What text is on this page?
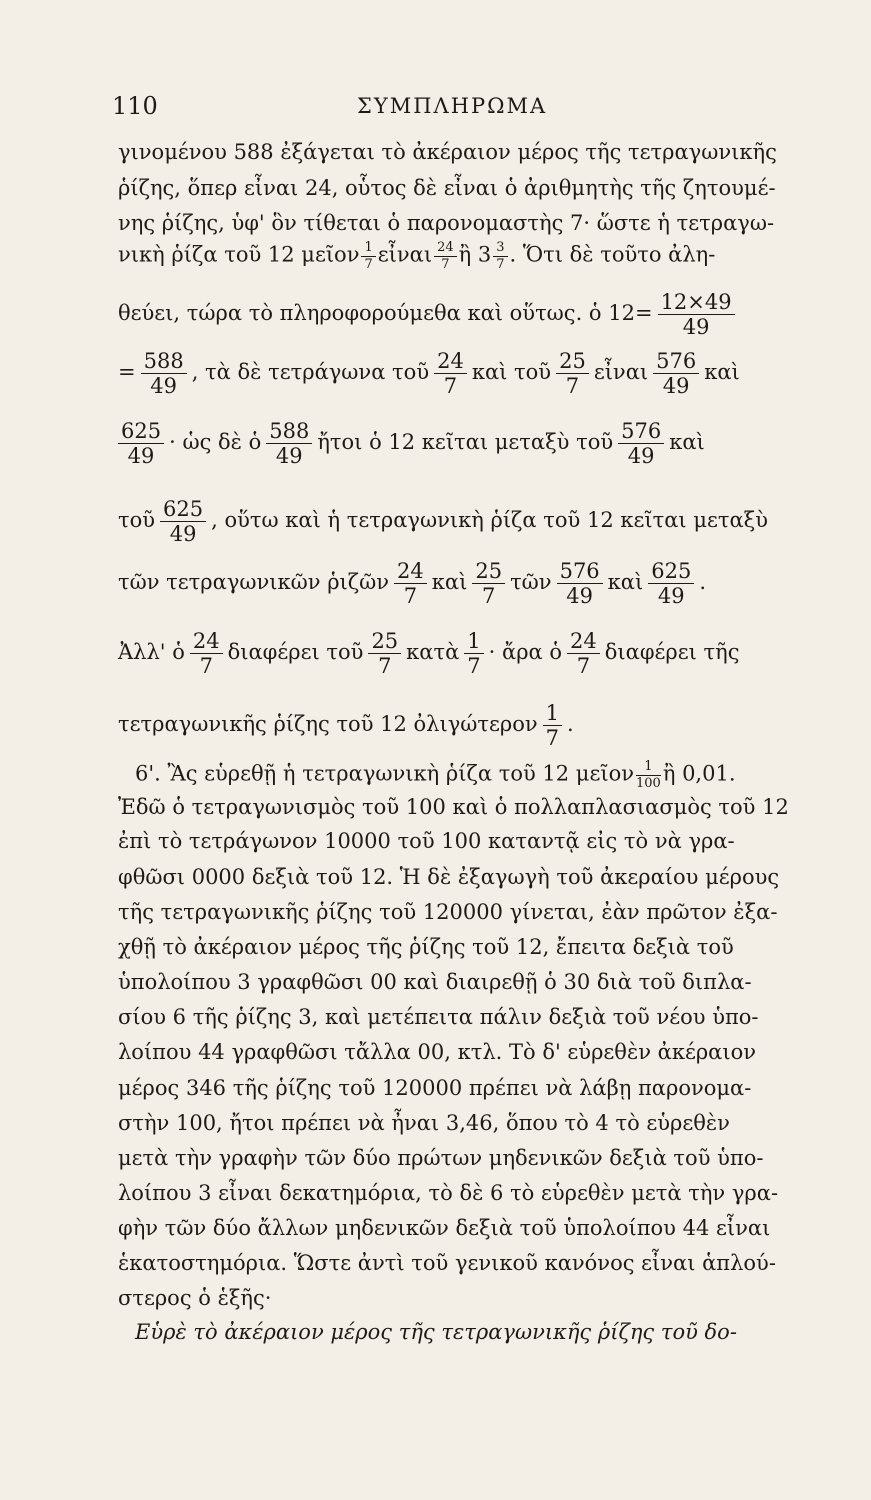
110	ΣΥΜΠΛΗΡΩΜΑ
γινομένου 588 ἐξάγεται τὸ ἀκέραιον μέρος τῆς τετραγωνικῆς
ῥίζης, ὅπερ εἶναι 24, οὗτος δὲ εἶναι ὁ ἀριθμητὴς τῆς ζητουμέ-
νης ῥίζης, ὑφ' ὃν τίθεται ὁ παρονομαστὴς 7· ὥστε ἡ τετραγω-
νικὴ ῥίζα τοῦ 12 μεῖον $\frac{1}{7}$ εἶναι $\frac{24}{7}$ ἢ $3 \frac{3}{7}$ . Ὅτι δὲ τοῦτο ἀλη-
θεύει, τώρα τὸ πληροφορούμεθα καὶ οὕτως. ὁ $12= \frac{12\times 49}{49}$
= $\frac{588}{49}$ , τὰ δὲ τετράγωνα τοῦ $\frac{24}{7}$ καὶ τοῦ $\frac{25}{7}$ εἶναι $\frac{576}{49}$ καὶ
$\frac{625}{49}$ · ὡς δὲ ὁ $\frac{588}{49}$ ἤτοι ὁ 12 κεῖται μεταξὺ τοῦ $\frac{576}{49}$ καὶ
τοῦ $\frac{625}{49}$ , οὕτω καὶ ἡ τετραγωνικὴ ῥίζα τοῦ 12 κεῖται μεταξὺ
τῶν τετραγωνικῶν ῥιζῶν $\frac{24}{7}$ καὶ $\frac{25}{7}$ τῶν $\frac{576}{49}$ καὶ $\frac{625}{49}$ .
Ἀλλ' ὁ $\frac{24}{7}$ διαφέρει τοῦ $\frac{25}{7}$ κατὰ $\frac{1}{7}$ · ἄρα ὁ $\frac{24}{7}$ διαφέρει τῆς
τετραγωνικῆς ῥίζης τοῦ 12 ὀλιγώτερον $\frac{1}{7}$ .
6'. Ἂς εὑρεθῇ ἡ τετραγωνικὴ ῥίζα τοῦ 12 μεῖον $\frac{1}{100}$ ἢ 0,01.
Ἐδῶ ὁ τετραγωνισμὸς τοῦ 100 καὶ ὁ πολλαπλασιασμὸς τοῦ 12
ἐπὶ τὸ τετράγωνον 10000 τοῦ 100 καταντᾷ εἰς τὸ νὰ γρα-
φθῶσι 0000 δεξιὰ τοῦ 12. Ἡ δὲ ἐξαγωγὴ τοῦ ἀκεραίου μέρους
τῆς τετραγωνικῆς ῥίζης τοῦ 120000 γίνεται, ἐὰν πρῶτον ἐξα-
χθῇ τὸ ἀκέραιον μέρος τῆς ῥίζης τοῦ 12, ἔπειτα δεξιὰ τοῦ
ὑπολοίπου 3 γραφθῶσι 00 καὶ διαιρεθῇ ὁ 30 διὰ τοῦ διπλα-
σίου 6 τῆς ῥίζης 3, καὶ μετέπειτα πάλιν δεξιὰ τοῦ νέου ὑπο-
λοίπου 44 γραφθῶσι τἄλλα 00, κτλ. Τὸ δ' εὑρεθὲν ἀκέραιον
μέρος 346 τῆς ῥίζης τοῦ 120000 πρέπει νὰ λάβῃ παρονομα-
στὴν 100, ἤτοι πρέπει νὰ ἦναι 3,46, ὅπου τὸ 4 τὸ εὑρεθὲν
μετὰ τὴν γραφὴν τῶν δύο πρώτων μηδενικῶν δεξιὰ τοῦ ὑπο-
λοίπου 3 εἶναι δεκατημόρια, τὸ δὲ 6 τὸ εὑρεθὲν μετὰ τὴν γρα-
φὴν τῶν δύο ἄλλων μηδενικῶν δεξιὰ τοῦ ὑπολοίπου 44 εἶναι
ἑκατοστημόρια. Ὥστε ἀντὶ τοῦ γενικοῦ κανόνος εἶναι ἁπλού-
στερος ὁ ἑξῆς·
Εὑρὲ τὸ ἀκέραιον μέρος τῆς τετραγωνικῆς ῥίζης τοῦ δο-
